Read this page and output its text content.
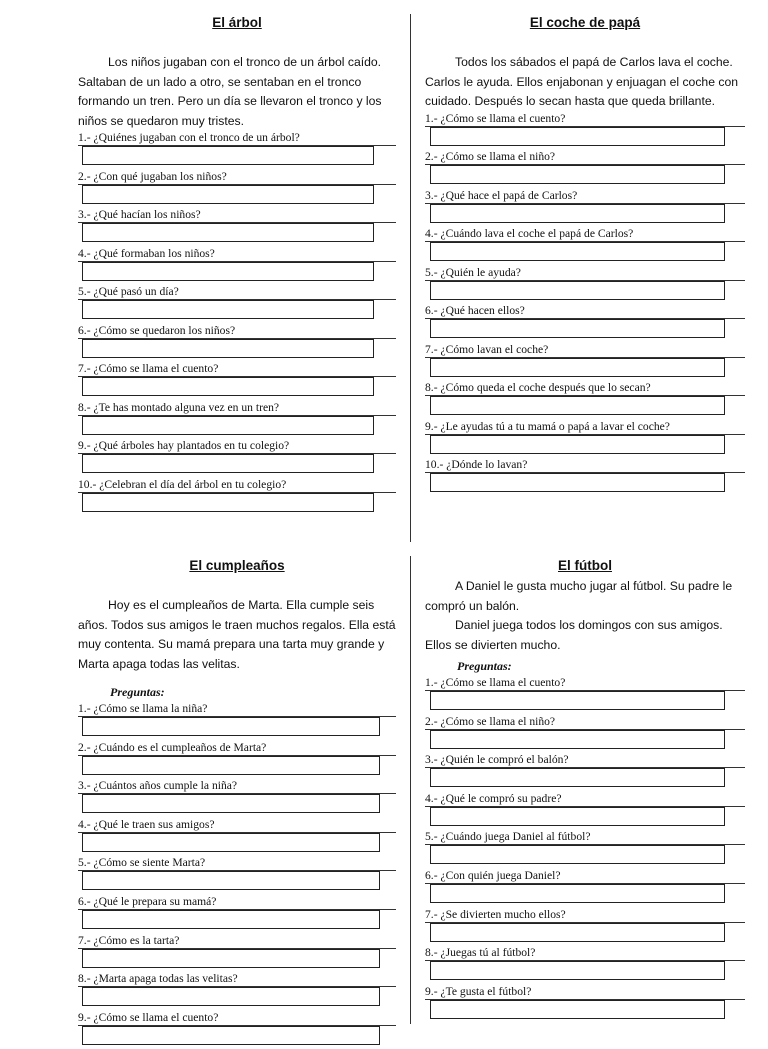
El árbol

Los niños jugaban con el tronco de un árbol caído. Saltaban de un lado a otro, se sentaban en el tronco formando un tren. Pero un día se llevaron el tronco y los niños se quedaron muy tristes.

1.- ¿Quiénes jugaban con el tronco de un árbol?
2.- ¿Con qué jugaban los niños?
3.- ¿Qué hacían los niños?
4.- ¿Qué formaban los niños?
5.- ¿Qué pasó un día?
6.- ¿Cómo se quedaron los niños?
7.- ¿Cómo se llama el cuento?
8.- ¿Te has montado alguna vez en un tren?
9.- ¿Qué árboles hay plantados en tu colegio?
10.- ¿Celebran el día del árbol en tu colegio?
El coche de papá

Todos los sábados el papá de Carlos lava el coche. Carlos le ayuda. Ellos enjabonan y enjuagan el coche con cuidado. Después lo secan hasta que queda brillante.

1.- ¿Cómo se llama el cuento?
2.- ¿Cómo se llama el niño?
3.- ¿Qué hace el papá de Carlos?
4.- ¿Cuándo lava el coche el papá de Carlos?
5.- ¿Quién le ayuda?
6.- ¿Qué hacen ellos?
7.- ¿Cómo lavan el coche?
8.- ¿Cómo queda el coche después que lo secan?
9.- ¿Le ayudas tú a tu mamá o papá a lavar el coche?
10.- ¿Dónde lo lavan?
El cumpleaños

Hoy es el cumpleaños de Marta. Ella cumple seis años. Todos sus amigos le traen muchos regalos. Ella está muy contenta. Su mamá prepara una tarta muy grande y Marta apaga todas las velitas.

Preguntas:
1.- ¿Cómo se llama la niña?
2.- ¿Cuándo es el cumpleaños de Marta?
3.- ¿Cuántos años cumple la niña?
4.- ¿Qué le traen sus amigos?
5.- ¿Cómo se siente Marta?
6.- ¿Qué le prepara su mamá?
7.- ¿Cómo es la tarta?
8.- ¿Marta apaga todas las velitas?
9.- ¿Cómo se llama el cuento?
El fútbol

A Daniel le gusta mucho jugar al fútbol. Su padre le compró un balón.

Daniel juega todos los domingos con sus amigos. Ellos se divierten mucho.

Preguntas:
1.- ¿Cómo se llama el cuento?
2.- ¿Cómo se llama el niño?
3.- ¿Quién le compró el balón?
4.- ¿Qué le compró su padre?
5.- ¿Cuándo juega Daniel al fútbol?
6.- ¿Con quién juega Daniel?
7.- ¿Se divierten mucho ellos?
8.- ¿Juegas tú al fútbol?
9.- ¿Te gusta el fútbol?
